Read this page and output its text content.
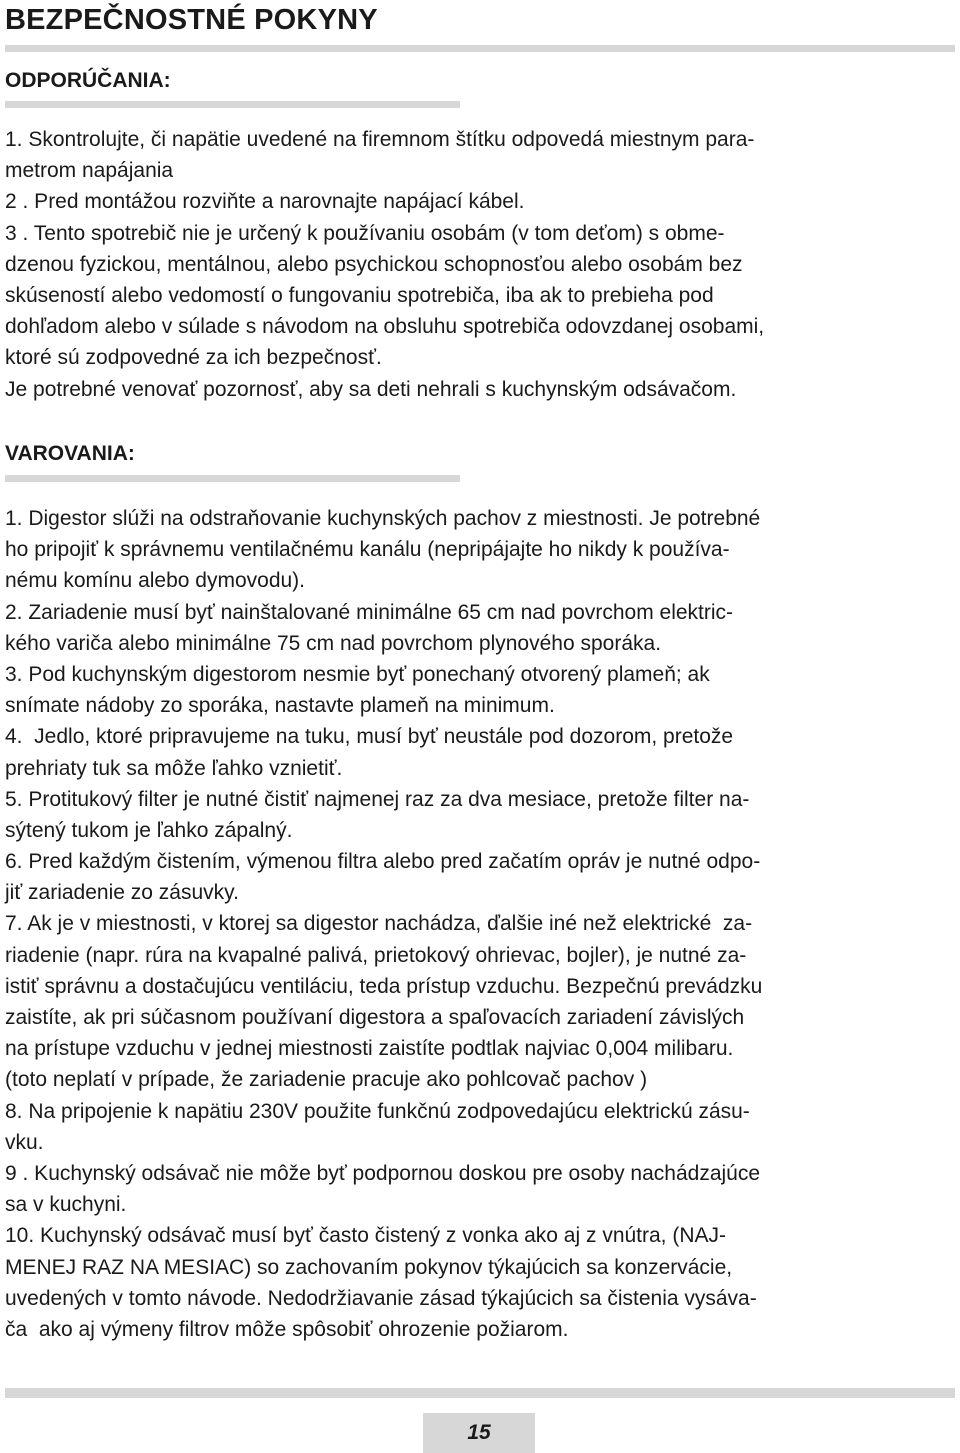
BEZPEČNOSTNÉ POKYNY
ODPORÚČANIA:
1. Skontrolujte, či napätie uvedené na firemnom štítku odpovedá miestnym para-
metrom napájania
2 . Pred montážou rozviňte a narovnajte napájací kábel.
3 . Tento spotrebič nie je určený k používaniu osobám (v tom deťom) s obme-
dzenou fyzickou, mentálnou, alebo psychickou schopnosťou alebo osobám bez
skúseností alebo vedomostí o fungovaniu spotrebiča, iba ak to prebieha pod
dohľadom alebo v súlade s návodom na obsluhu spotrebiča odovzdanej osobami,
ktoré sú zodpovedné za ich bezpečnosť.
Je potrebné venovať pozornosť, aby sa deti nehrali s kuchynským odsávačom.
VAROVANIA:
1. Digestor slúži na odstraňovanie kuchynských pachov z miestnosti. Je potrebné
ho pripojiť k správnemu ventilačnému kanálu (nepripájajte ho nikdy k používa-
nému komínu alebo dymovodu).
2. Zariadenie musí byť nainštalované minimálne 65 cm nad povrchom elektric-
kého variča alebo minimálne 75 cm nad povrchom plynového sporáka.
3. Pod kuchynským digestorom nesmie byť ponechaný otvorený plameň; ak
snímate nádoby zo sporáka, nastavte plameň na minimum.
4.  Jedlo, ktoré pripravujeme na tuku, musí byť neustále pod dozorom, pretože
prehriaty tuk sa môže ľahko vznietiť.
5. Protitukový filter je nutné čistiť najmenej raz za dva mesiace, pretože filter na-
sýtený tukom je ľahko zápalný.
6. Pred každým čistením, výmenou filtra alebo pred začatím opráv je nutné odpo-
jiť zariadenie zo zásuvky.
7. Ak je v miestnosti, v ktorej sa digestor nachádza, ďalšie iné než elektrické  za-
riadenie (napr. rúra na kvapalné palivá, prietokový ohrievac, bojler), je nutné za-
istiť správnu a dostačujúcu ventiláciu, teda prístup vzduchu. Bezpečnú prevádzku
zaistíte, ak pri súčasnom používaní digestora a spaľovacích zariadení závislých
na prístupe vzduchu v jednej miestnosti zaistíte podtlak najviac 0,004 milibaru.
(toto neplatí v prípade, že zariadenie pracuje ako pohlcovač pachov )
8. Na pripojenie k napätiu 230V použite funkčnú zodpovedajúcu elektrickú zásu-
vku.
9 . Kuchynský odsávač nie môže byť podpornou doskou pre osoby nachádzajúce
sa v kuchyni.
10. Kuchynský odsávač musí byť často čistený z vonka ako aj z vnútra, (NAJ-
MENEJ RAZ NA MESIAC) so zachovaním pokynov týkajúcich sa konzervácie,
uvedených v tomto návode. Nedodržiavanie zásad týkajúcich sa čistenia vysáva-
ča  ako aj výmeny filtrov môže spôsobiť ohrozenie požiarom.
15
